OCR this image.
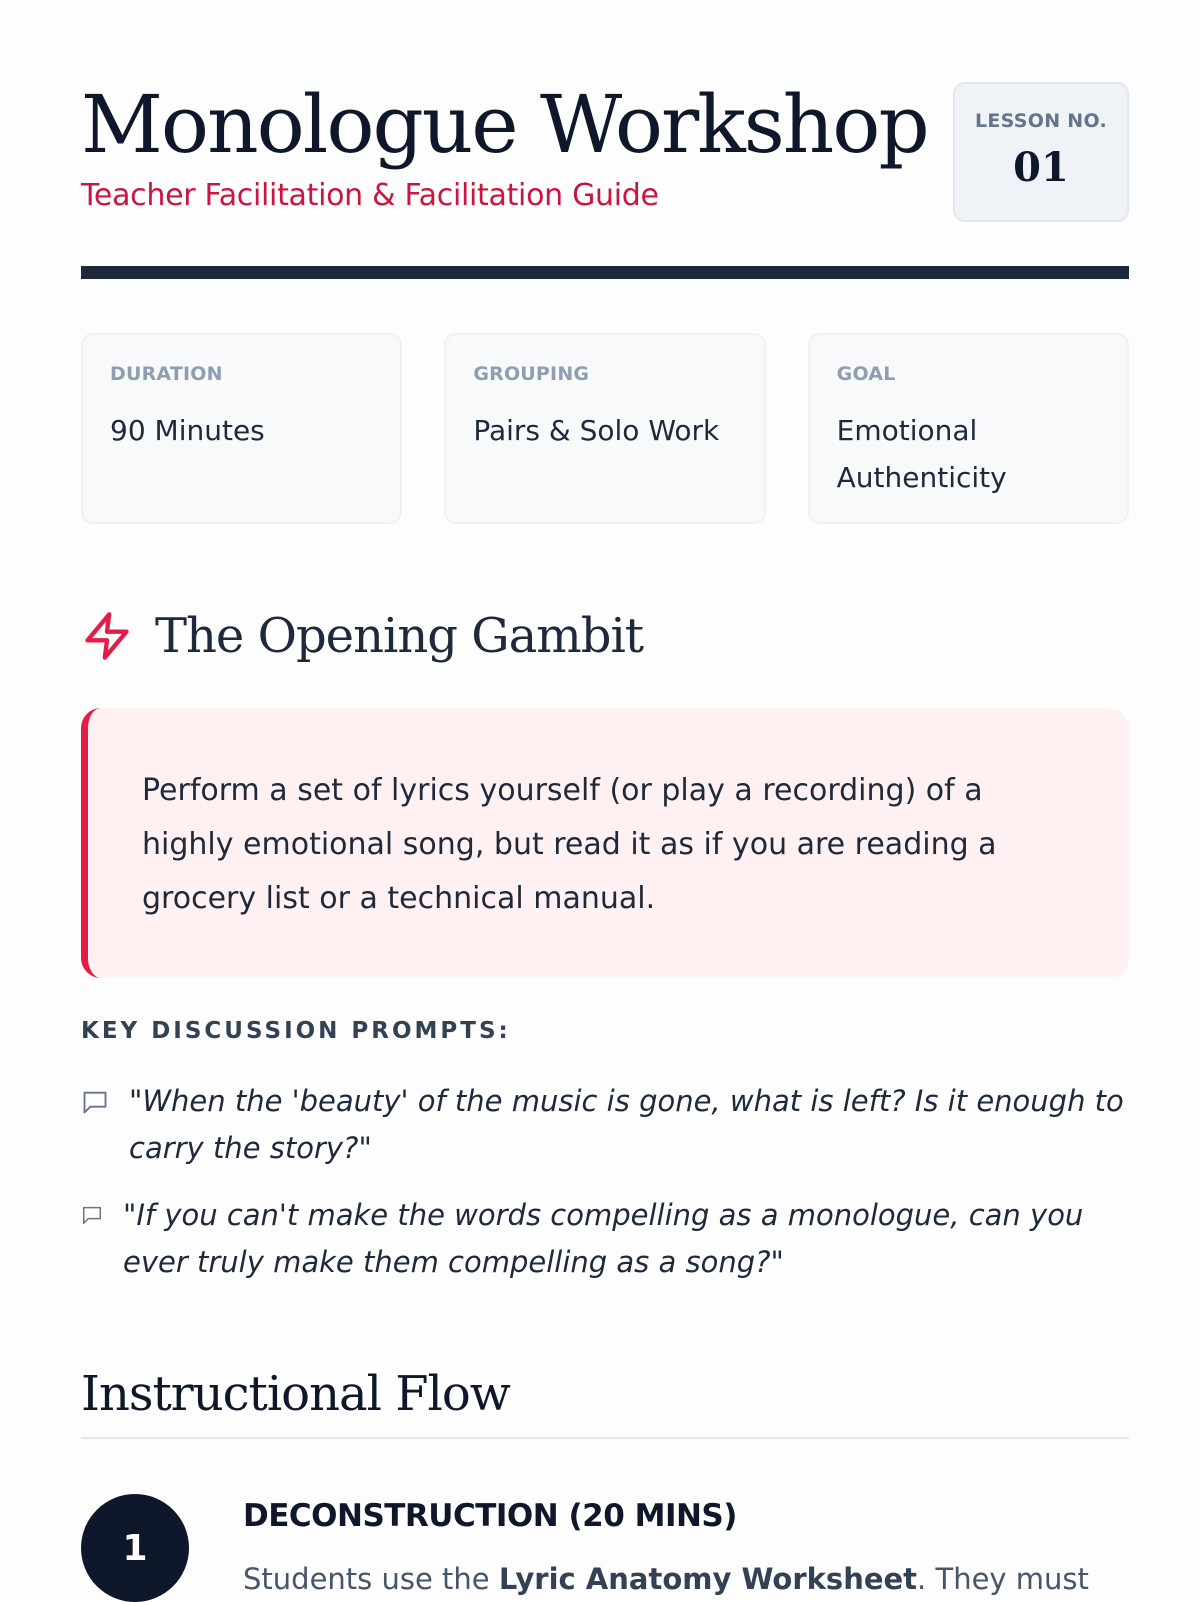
Monologue Workshop
Teacher Facilitation & Facilitation Guide
LESSON NO.
01
DURATION
90 Minutes
GROUPING
Pairs & Solo Work
GOAL
Emotional Authenticity
The Opening Gambit

Perform a set of lyrics yourself (or play a recording) of a highly emotional song, but read it as if you are reading a grocery list or a technical manual.

KEY DISCUSSION PROMPTS:

"When the 'beauty' of the music is gone, what is left? Is it enough to carry the story?"

"If you can't make the words compelling as a monologue, can you ever truly make them compelling as a song?"

Instructional Flow
1
DECONSTRUCTION (20 MINS)

Students use the Lyric Anatomy Worksheet. They must
